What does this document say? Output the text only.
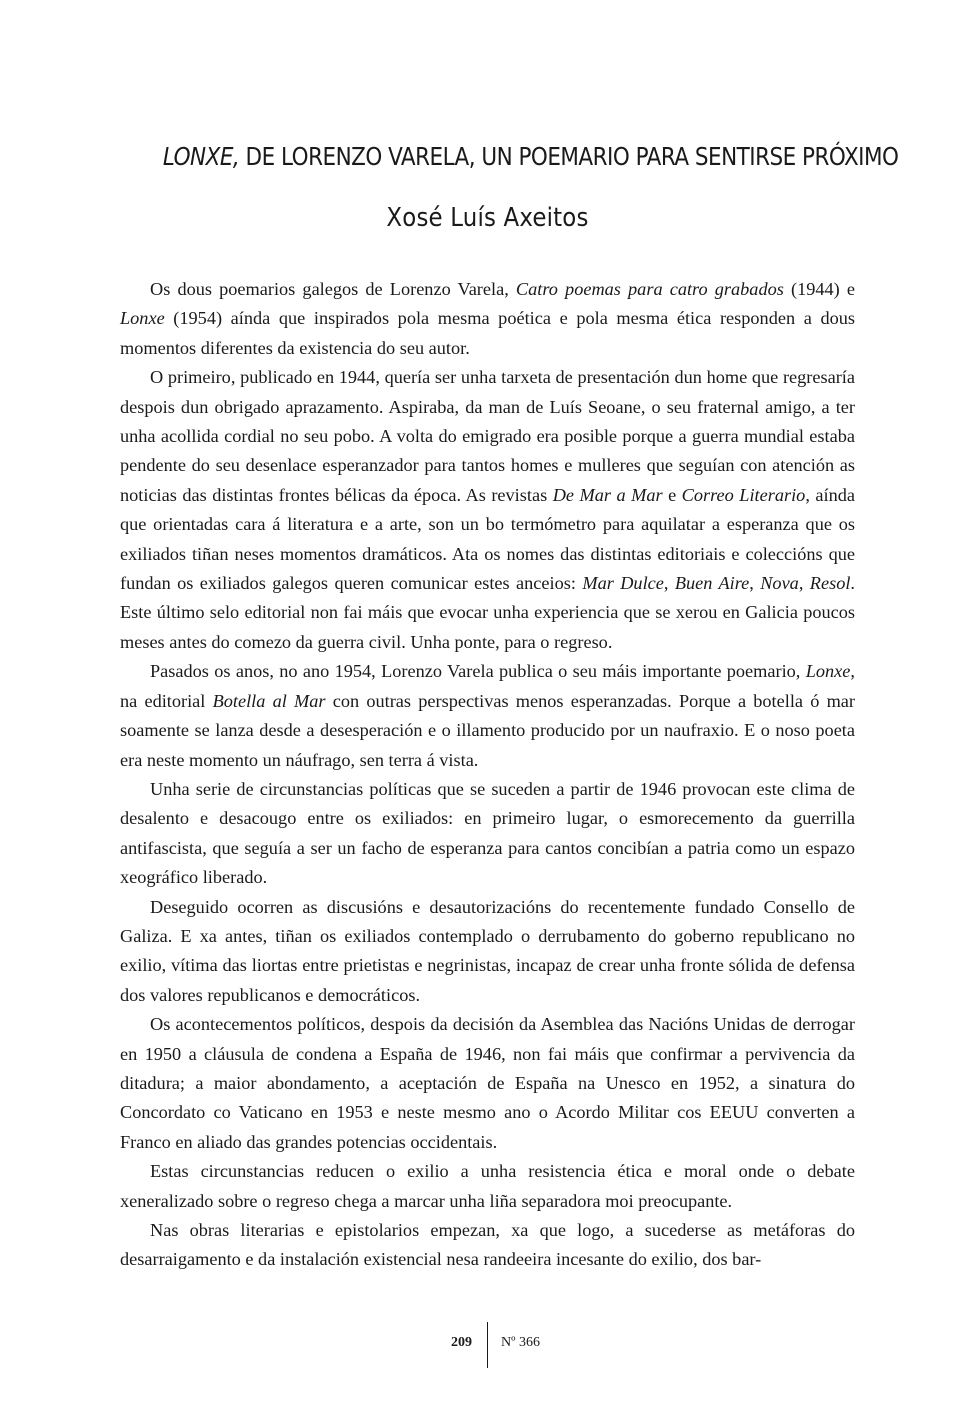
LONXE, DE LORENZO VARELA, UN POEMARIO PARA SENTIRSE PRÓXIMO
Xosé Luís Axeitos

Os dous poemarios galegos de Lorenzo Varela, Catro poemas para catro grabados (1944) e Lonxe (1954) aínda que inspirados pola mesma poética e pola mesma ética responden a dous momentos diferentes da existencia do seu autor.

O primeiro, publicado en 1944, quería ser unha tarxeta de presentación dun home que regresaría despois dun obrigado aprazamento. Aspiraba, da man de Luís Seoane, o seu fraternal amigo, a ter unha acollida cordial no seu pobo. A volta do emigrado era posible porque a guerra mundial estaba pendente do seu desenlace esperanzador para tantos homes e mulleres que seguían con atención as noticias das distintas frontes bélicas da época. As revistas De Mar a Mar e Correo Literario, aínda que orientadas cara á literatura e a arte, son un bo termómetro para aquilatar a esperanza que os exiliados tiñan neses momentos dramáticos. Ata os nomes das distintas editoriais e coleccións que fundan os exiliados galegos queren comunicar estes anceios: Mar Dulce, Buen Aire, Nova, Resol. Este último selo editorial non fai máis que evocar unha experiencia que se xerou en Galicia poucos meses antes do comezo da guerra civil. Unha ponte, para o regreso.

Pasados os anos, no ano 1954, Lorenzo Varela publica o seu máis importante poemario, Lonxe, na editorial Botella al Mar con outras perspectivas menos esperanzadas. Porque a botella ó mar soamente se lanza desde a desesperación e o illamento producido por un naufraxio. E o noso poeta era neste momento un náufrago, sen terra á vista.

Unha serie de circunstancias políticas que se suceden a partir de 1946 provocan este clima de desalento e desacougo entre os exiliados: en primeiro lugar, o esmorecemento da guerrilla antifascista, que seguía a ser un facho de esperanza para cantos concibían a patria como un espazo xeográfico liberado.

Deseguido ocorren as discusións e desautorizacións do recentemente fundado Consello de Galiza. E xa antes, tiñan os exiliados contemplado o derrubamento do goberno republicano no exilio, vítima das liortas entre prietistas e negrinistas, incapaz de crear unha fronte sólida de defensa dos valores republicanos e democráticos.

Os acontecementos políticos, despois da decisión da Asemblea das Nacións Unidas de derrogar en 1950 a cláusula de condena a España de 1946, non fai máis que confirmar a pervivencia da ditadura; a maior abondamento, a aceptación de España na Unesco en 1952, a sinatura do Concordato co Vaticano en 1953 e neste mesmo ano o Acordo Militar cos EEUU converten a Franco en aliado das grandes potencias occidentais.

Estas circunstancias reducen o exilio a unha resistencia ética e moral onde o debate xeneralizado sobre o regreso chega a marcar unha liña separadora moi preocupante.

Nas obras literarias e epistolarios empezan, xa que logo, a sucederse as metáforas do desarraigamento e da instalación existencial nesa randeeira incesante do exilio, dos bar-

209 Nº 366
